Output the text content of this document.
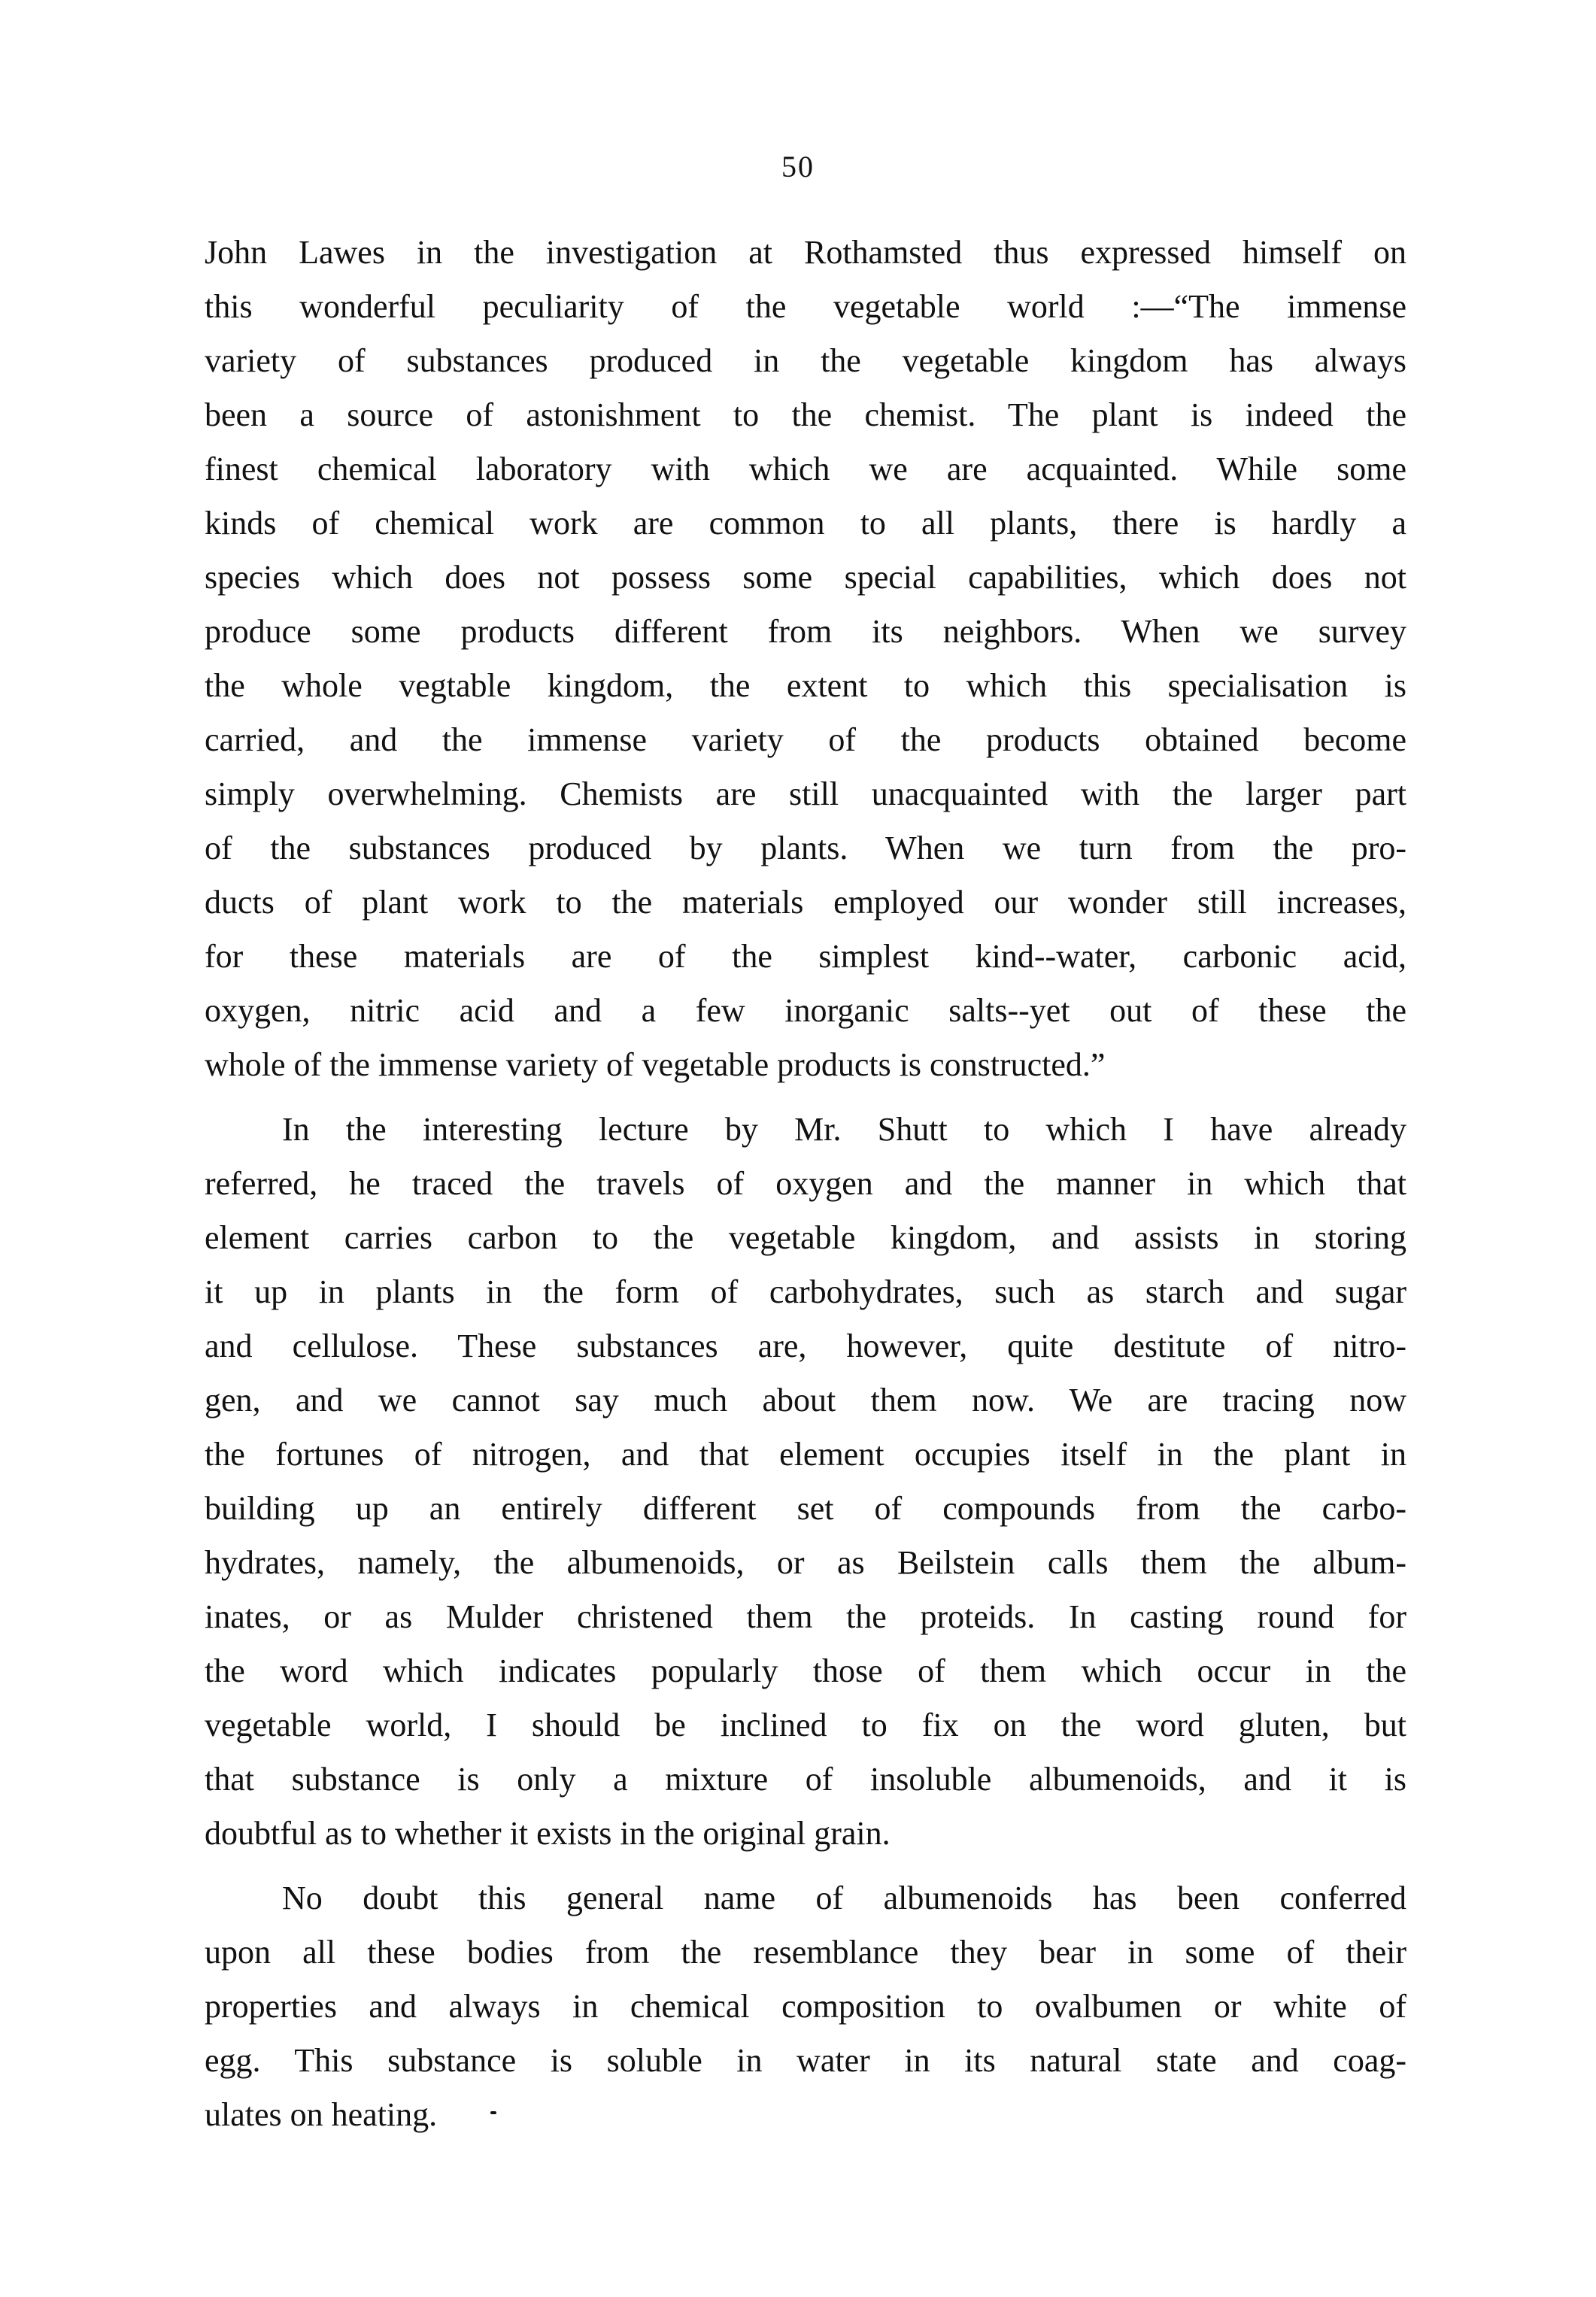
50

John Lawes in the investigation at Rothamsted thus expressed himself on
this wonderful peculiarity of the vegetable world :—“The immense
variety of substances produced in the vegetable kingdom has always
been a source of astonishment to the chemist. The plant is indeed the
finest chemical laboratory with which we are acquainted. While some
kinds of chemical work are common to all plants, there is hardly a
species which does not possess some special capabilities, which does not
produce some products different from its neighbors. When we survey
the whole vegtable kingdom, the extent to which this specialisation is
carried, and the immense variety of the products obtained become
simply overwhelming. Chemists are still unacquainted with the larger part
of the substances produced by plants. When we turn from the pro-
ducts of plant work to the materials employed our wonder still increases,
for these materials are of the simplest kind--water, carbonic acid,
oxygen, nitric acid and a few inorganic salts--yet out of these the
whole of the immense variety of vegetable products is constructed.”

In the interesting lecture by Mr. Shutt to which I have already
referred, he traced the travels of oxygen and the manner in which that
element carries carbon to the vegetable kingdom, and assists in storing
it up in plants in the form of carbohydrates, such as starch and sugar
and cellulose. These substances are, however, quite destitute of nitro-
gen, and we cannot say much about them now. We are tracing now
the fortunes of nitrogen, and that element occupies itself in the plant in
building up an entirely different set of compounds from the carbo-
hydrates, namely, the albumenoids, or as Beilstein calls them the album-
inates, or as Mulder christened them the proteids. In casting round for
the word which indicates popularly those of them which occur in the
vegetable world, I should be inclined to fix on the word gluten, but
that substance is only a mixture of insoluble albumenoids, and it is
doubtful as to whether it exists in the original grain.

No doubt this general name of albumenoids has been conferred
upon all these bodies from the resemblance they bear in some of their
properties and always in chemical composition to ovalbumen or white of
egg. This substance is soluble in water in its natural state and coag-
ulates on heating.
